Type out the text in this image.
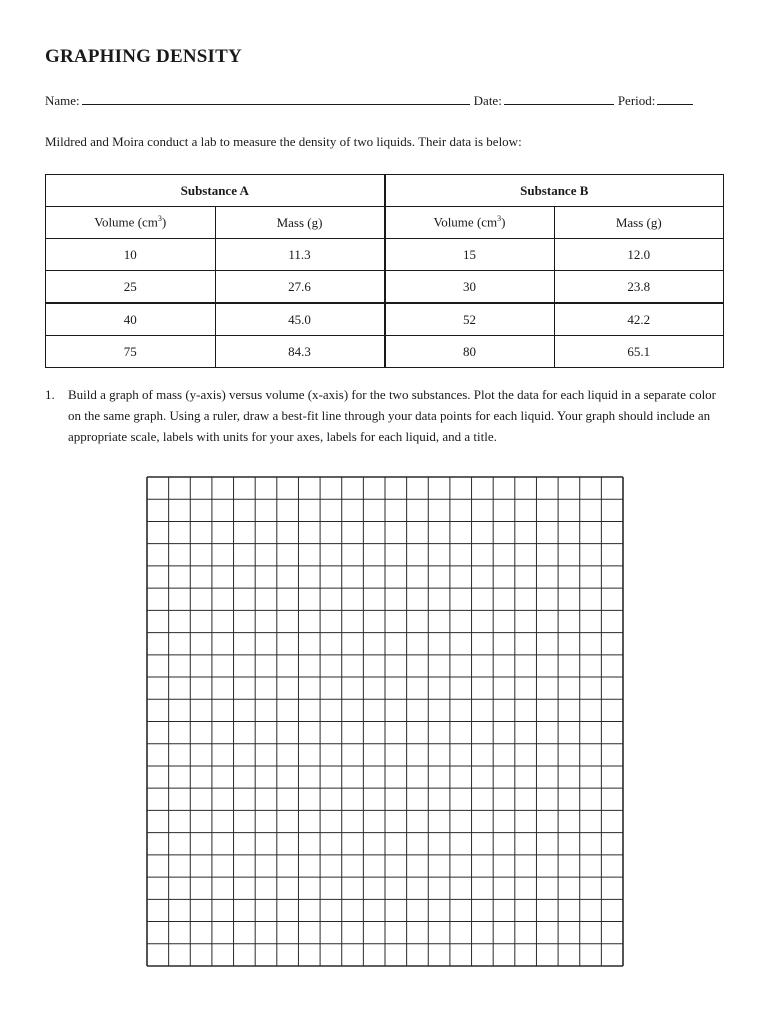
GRAPHING DENSITY
Name:	Date:	Period:
Mildred and Moira conduct a lab to measure the density of two liquids. Their data is below:
Substance A		Substance B	
Volume $(cm^3)$	Mass (g)	Volume $(cm^3)$	Mass (g)
10	11.3	15	12.0
25	27.6	30	23.8
40	45.0	52	42.2
75	84.3	80	65.1
1.	Build a graph of mass (y-axis) versus volume (x-axis) for the two substances. Plot the data for each liquid in a separate color on the same graph. Using a ruler, draw a best-fit line through your data points for each liquid. Your graph should include an appropriate scale, labels with units for your axes, labels for each liquid, and a title.
